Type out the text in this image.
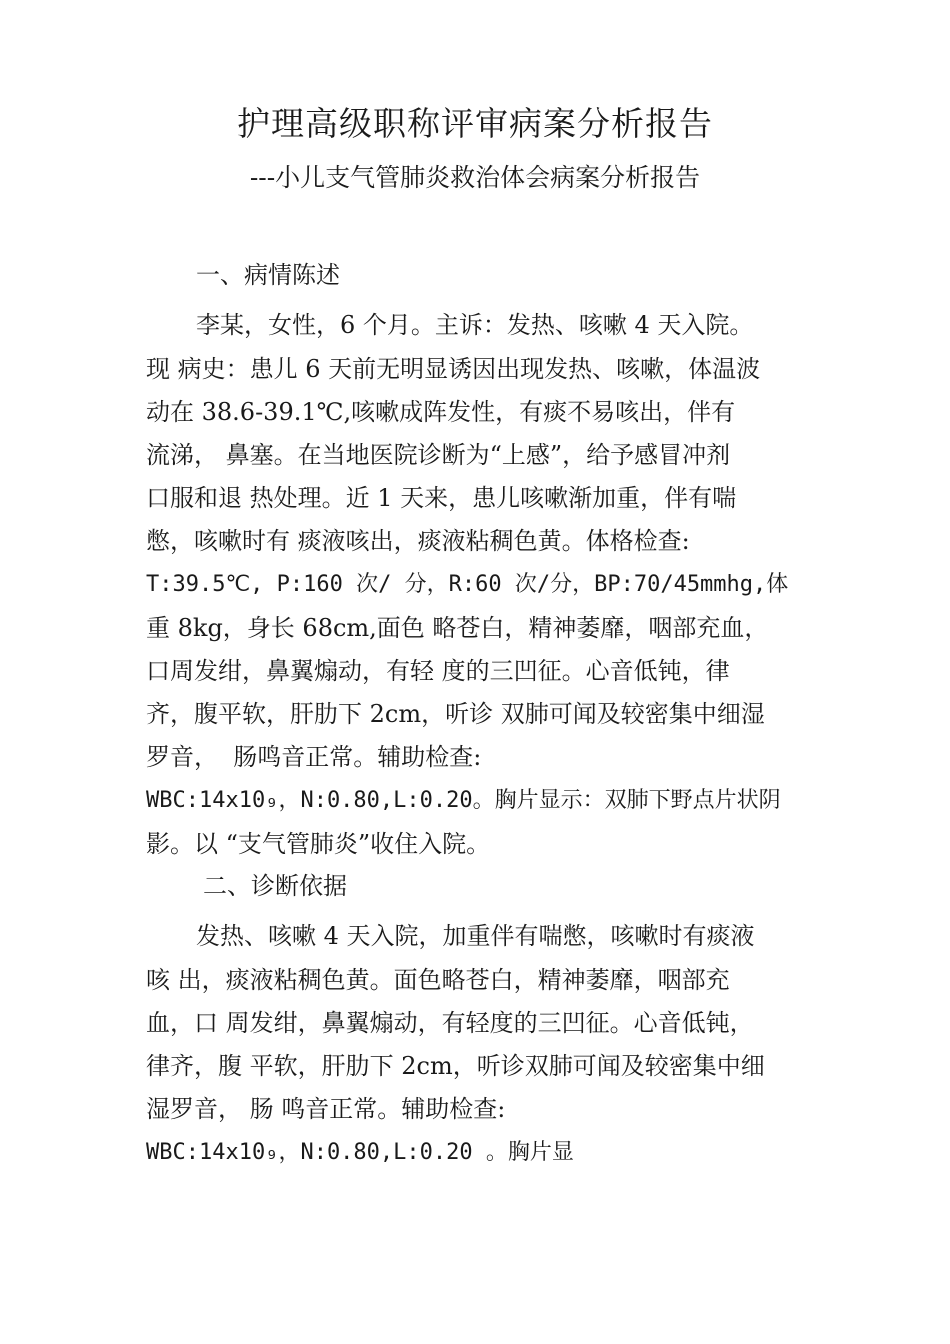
护理高级职称评审病案分析报告
---小儿支气管肺炎救治体会病案分析报告
一、病情陈述
李某，女性，6 个月。主诉：发热、咳嗽 4 天入院。
现 病史：患儿 6 天前无明显诱因出现发热、咳嗽，体温波
动在 38.6-39.1℃,咳嗽成阵发性，有痰不易咳出，伴有
流涕， 鼻塞。在当地医院诊断为“上感”，给予感冒冲剂
口服和退 热处理。近 1 天来，患儿咳嗽渐加重，伴有喘
憋，咳嗽时有 痰液咳出，痰液粘稠色黄。体格检查:
T:39.5℃, P:160 次/ 分，R:60 次/分，BP:70/45mmhg,体
重 8kg，身长 68cm,面色 略苍白，精神萎靡，咽部充血，
口周发绀，鼻翼煽动，有轻 度的三凹征。心音低钝，律
齐，腹平软，肝肋下 2cm，听诊 双肺可闻及较密集中细湿
罗音，  肠鸣音正常。辅助检查:
WBC:14x10₉，N:0.80,L:0.20。胸片显示：双肺下野点片状阴
影。以 “支气管肺炎”收住入院。
二、诊断依据
发热、咳嗽 4 天入院，加重伴有喘憋，咳嗽时有痰液
咳 出，痰液粘稠色黄。面色略苍白，精神萎靡，咽部充
血，口 周发绀，鼻翼煽动，有轻度的三凹征。心音低钝，
律齐，腹 平软，肝肋下 2cm，听诊双肺可闻及较密集中细
湿罗音， 肠 鸣音正常。辅助检查:
WBC:14x10₉，N:0.80,L:0.20 。胸片显
